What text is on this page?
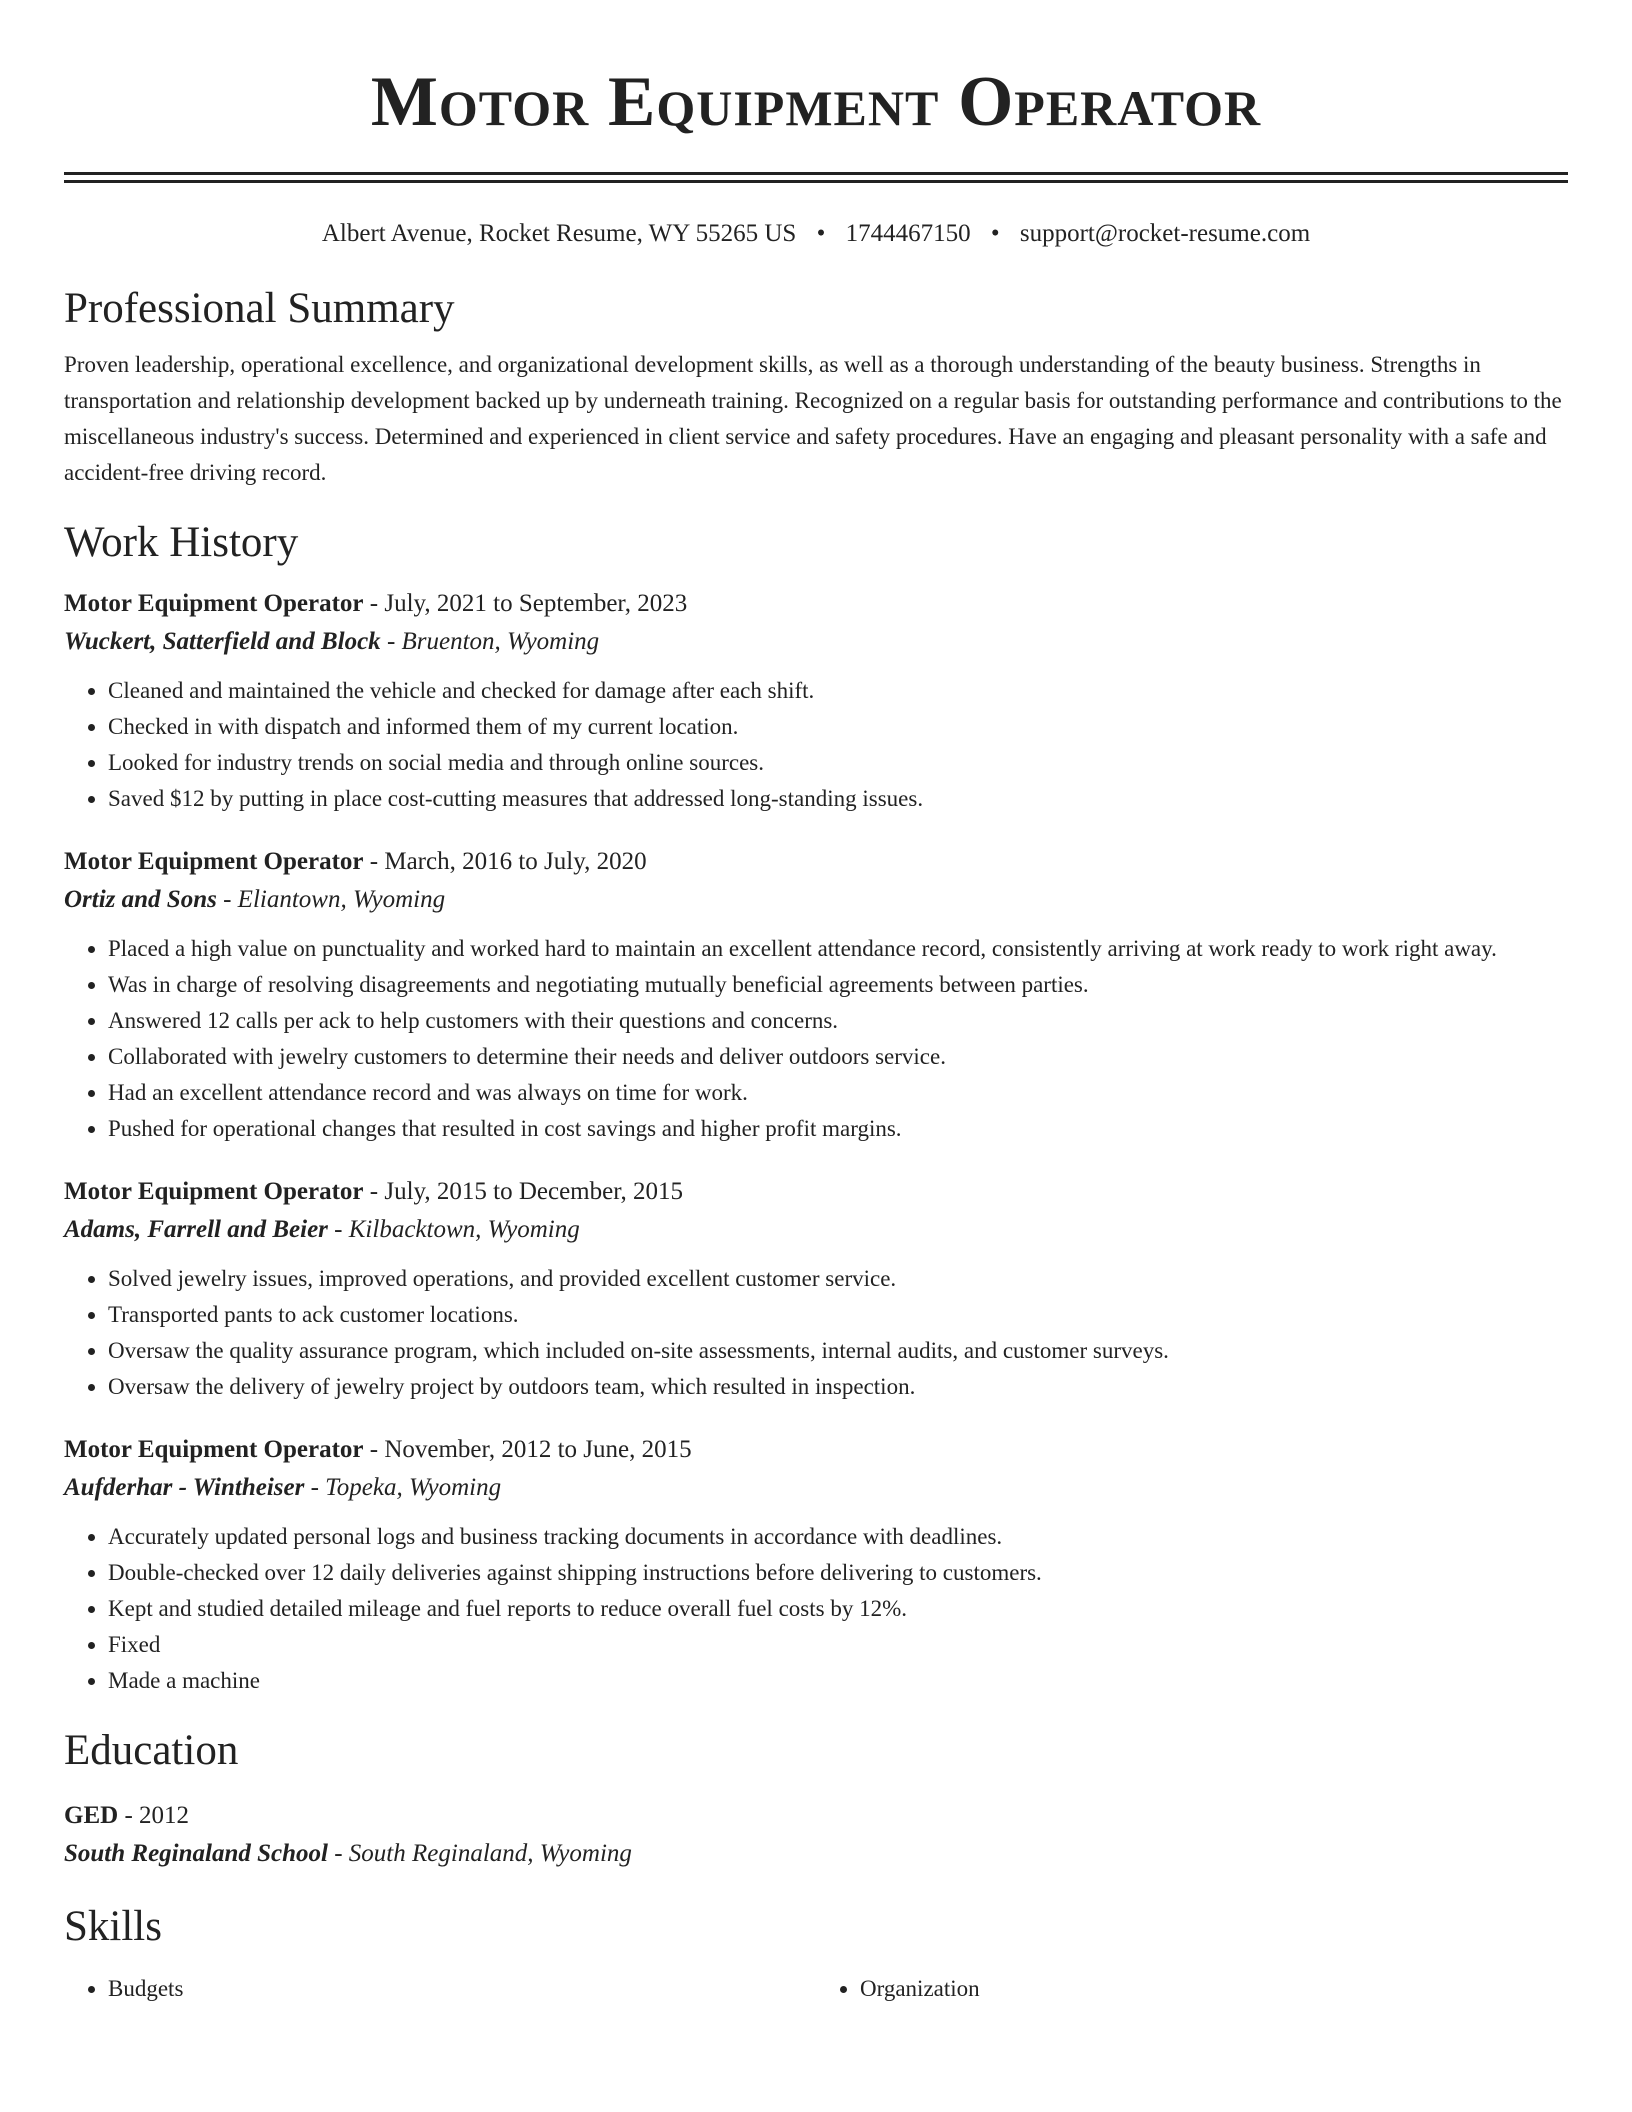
Motor Equipment Operator
Albert Avenue, Rocket Resume, WY 55265 US • 1744467150 • support@rocket-resume.com
Professional Summary

Proven leadership, operational excellence, and organizational development skills, as well as a thorough understanding of the beauty business. Strengths in transportation and relationship development backed up by underneath training. Recognized on a regular basis for outstanding performance and contributions to the miscellaneous industry's success. Determined and experienced in client service and safety procedures. Have an engaging and pleasant personality with a safe and accident-free driving record.

Work History
Motor Equipment Operator - July, 2021 to September, 2023
Wuckert, Satterfield and Block - Bruenton, Wyoming
• Cleaned and maintained the vehicle and checked for damage after each shift.
• Checked in with dispatch and informed them of my current location.
• Looked for industry trends on social media and through online sources.
• Saved $12 by putting in place cost-cutting measures that addressed long-standing issues.
Motor Equipment Operator - March, 2016 to July, 2020
Ortiz and Sons - Eliantown, Wyoming
• Placed a high value on punctuality and worked hard to maintain an excellent attendance record, consistently arriving at work ready to work right away.
• Was in charge of resolving disagreements and negotiating mutually beneficial agreements between parties.
• Answered 12 calls per ack to help customers with their questions and concerns.
• Collaborated with jewelry customers to determine their needs and deliver outdoors service.
• Had an excellent attendance record and was always on time for work.
• Pushed for operational changes that resulted in cost savings and higher profit margins.
Motor Equipment Operator - July, 2015 to December, 2015
Adams, Farrell and Beier - Kilbacktown, Wyoming
• Solved jewelry issues, improved operations, and provided excellent customer service.
• Transported pants to ack customer locations.
• Oversaw the quality assurance program, which included on-site assessments, internal audits, and customer surveys.
• Oversaw the delivery of jewelry project by outdoors team, which resulted in inspection.
Motor Equipment Operator - November, 2012 to June, 2015
Aufderhar - Wintheiser - Topeka, Wyoming
• Accurately updated personal logs and business tracking documents in accordance with deadlines.
• Double-checked over 12 daily deliveries against shipping instructions before delivering to customers.
• Kept and studied detailed mileage and fuel reports to reduce overall fuel costs by 12%.
• Fixed
• Made a machine
Education
GED - 2012
South Reginaland School - South Reginaland, Wyoming
Skills
• Budgets
•	Organization
